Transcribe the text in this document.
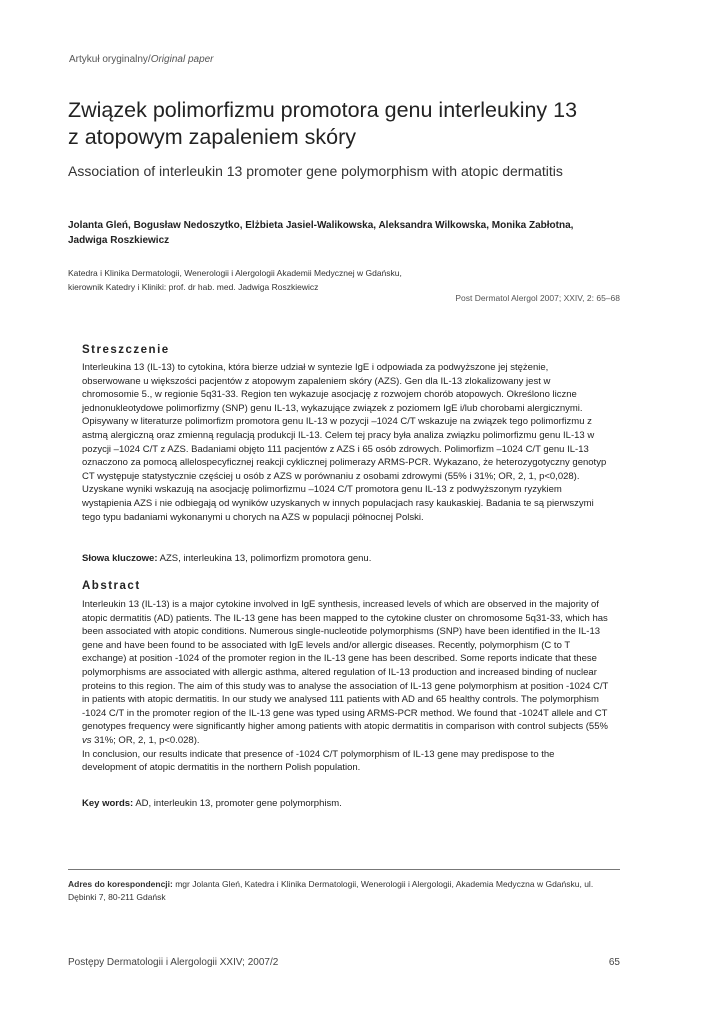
Artykuł oryginalny/Original paper
Związek polimorfizmu promotora genu interleukiny 13
z atopowym zapaleniem skóry
Association of interleukin 13 promoter gene polymorphism with atopic dermatitis
Jolanta Gleń, Bogusław Nedoszytko, Elżbieta Jasiel-Walikowska, Aleksandra Wilkowska, Monika Zabłotna,
Jadwiga Roszkiewicz
Katedra i Klinika Dermatologii, Wenerologii i Alergologii Akademii Medycznej w Gdańsku,
kierownik Katedry i Kliniki: prof. dr hab. med. Jadwiga Roszkiewicz
Post Dermatol Alergol 2007; XXIV, 2: 65–68
Streszczenie
Interleukina 13 (IL-13) to cytokina, która bierze udział w syntezie IgE i odpowiada za podwyższone jej stężenie, obserwowane u większości pacjentów z atopowym zapaleniem skóry (AZS). Gen dla IL-13 zlokalizowany jest w chromosomie 5., w regionie 5q31-33. Region ten wykazuje asocjację z rozwojem chorób atopowych. Określono liczne jednonukleotydowe polimorfizmy (SNP) genu IL-13, wykazujące związek z poziomem IgE i/lub chorobami alergicznymi. Opisywany w literaturze polimorfizm promotora genu IL-13 w pozycji –1024 C/T wskazuje na związek tego polimorfizmu z astmą alergiczną oraz zmienną regulacją produkcji IL-13. Celem tej pracy była analiza związku polimorfizmu genu IL-13 w pozycji –1024 C/T z AZS. Badaniami objęto 111 pacjentów z AZS i 65 osób zdrowych. Polimorfizm –1024 C/T genu IL-13 oznaczono za pomocą allelospecyficznej reakcji cyklicznej polimerazy ARMS-PCR. Wykazano, że heterozygotyczny genotyp CT występuje statystycznie częściej u osób z AZS w porównaniu z osobami zdrowymi (55% i 31%; OR, 2, 1, p<0,028). Uzyskane wyniki wskazują na asocjację polimorfizmu –1024 C/T promotora genu IL-13 z podwyższonym ryzykiem wystąpienia AZS i nie odbiegają od wyników uzyskanych w innych populacjach rasy kaukaskiej. Badania te są pierwszymi tego typu badaniami wykonanymi u chorych na AZS w populacji północnej Polski.
Słowa kluczowe: AZS, interleukina 13, polimorfizm promotora genu.
Abstract
Interleukin 13 (IL-13) is a major cytokine involved in IgE synthesis, increased levels of which are observed in the majority of atopic dermatitis (AD) patients. The IL-13 gene has been mapped to the cytokine cluster on chromosome 5q31-33, which has been associated with atopic conditions. Numerous single-nucleotide polymorphisms (SNP) have been identified in the IL-13 gene and have been found to be associated with IgE levels and/or allergic diseases. Recently, polymorphism (C to T exchange) at position -1024 of the promoter region in the IL-13 gene has been described. Some reports indicate that these polymorphisms are associated with allergic asthma, altered regulation of IL-13 production and increased binding of nuclear proteins to this region. The aim of this study was to analyse the association of IL-13 gene polymorphism at position -1024 C/T in patients with atopic dermatitis. In our study we analysed 111 patients with AD and 65 healthy controls. The polymorphism -1024 C/T in the promoter region of the IL-13 gene was typed using ARMS-PCR method. We found that -1024T allele and CT genotypes frequency were significantly higher among patients with atopic dermatitis in comparison with control subjects (55% vs 31%; OR, 2, 1, p<0.028).
In conclusion, our results indicate that presence of -1024 C/T polymorphism of IL-13 gene may predispose to the development of atopic dermatitis in the northern Polish population.
Key words: AD, interleukin 13, promoter gene polymorphism.
Adres do korespondencji: mgr Jolanta Gleń, Katedra i Klinika Dermatologii, Wenerologii i Alergologii, Akademia Medyczna w Gdańsku, ul. Dębinki 7, 80-211 Gdańsk
Postępy Dermatologii i Alergologii XXIV; 2007/2	65
